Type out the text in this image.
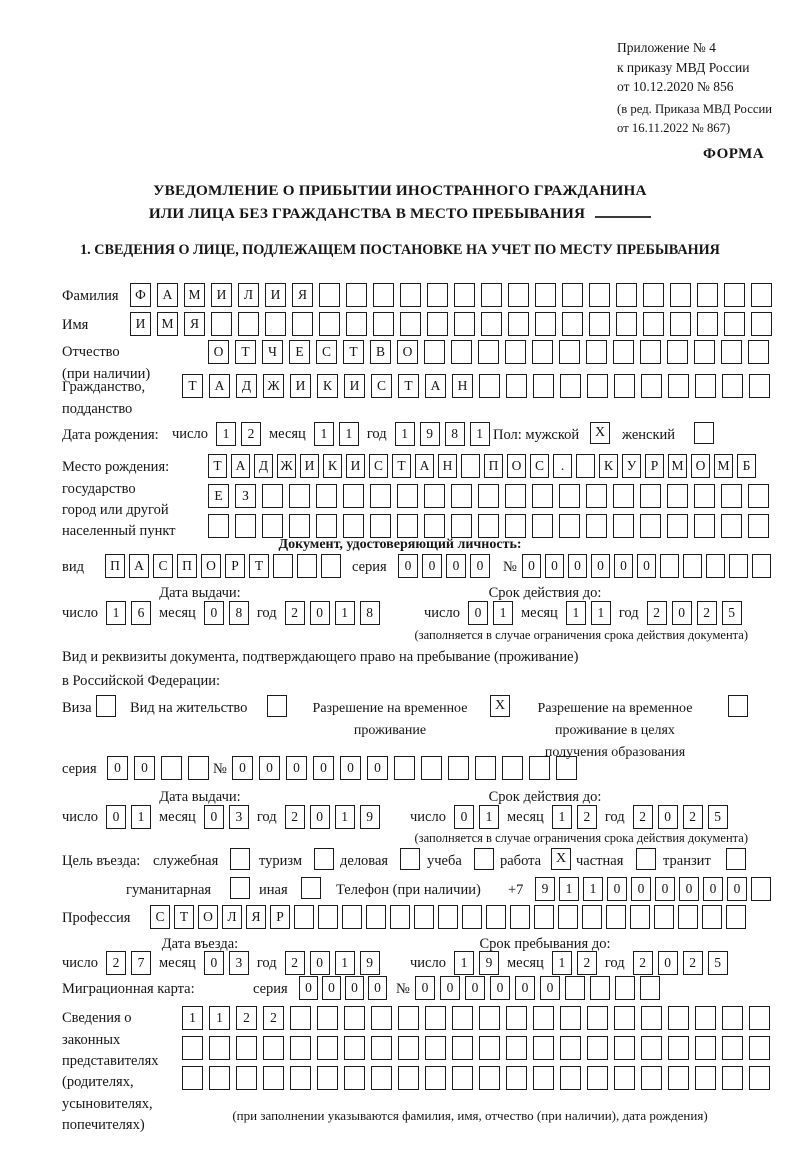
Приложение № 4
к приказу МВД России
от 10.12.2020 № 856
(в ред. Приказа МВД России
от 16.11.2022 № 867)
ФОРМА
УВЕДОМЛЕНИЕ О ПРИБЫТИИ ИНОСТРАННОГО ГРАЖДАНИНА
ИЛИ ЛИЦА БЕЗ ГРАЖДАНСТВА В МЕСТО ПРЕБЫВАНИЯ
1. СВЕДЕНИЯ О ЛИЦЕ, ПОДЛЕЖАЩЕМ ПОСТАНОВКЕ НА УЧЕТ ПО МЕСТУ ПРЕБЫВАНИЯ
Фамилия	Ф	А	М	И	Л	И	Я
Имя	И	М	Я
Отчество
(при наличии)
О	Т	Ч	Е	С	Т	В	О
Гражданство,
подданство
Т	А	Д	Ж	И	К	И	С	Т	А	Н
Дата рождения: число	1	2	месяц	1	1	год	1	9	8	1 Пол: мужской	X	женский
Место рождения:
государство
город или другой
населенный пункт
Т	А	Д Ж И	К	И	С	Т	А Н	П О	С	.	К	У	Р М О М Б
Е	З
Документ, удостоверяющий личность:
вид	П	А	С	П	О	Р	Т	серия	0	0	0	0	№ 0	0	0	0	0	0
Дата выдачи:	Срок действия до:
число	1	6	месяц	0	8	год	2	0	1	8	число	0	1	месяц	1	1	год	2	0	2	5
(заполняется в случае ограничения срока действия документа)
Вид и реквизиты документа, подтверждающего право на пребывание (проживание)
в Российской Федерации:
Виза	Вид на жительство	Разрешение на временное
проживание
X	Разрешение на временное
проживание в целях
получения образования
серия	0	0	№ 0	0	0	0	0	0
Дата выдачи:	Срок действия до:
число	0	1	месяц	0	3	год	2	0	1	9	число	0	1	месяц	1	2	год	2	0	2	5
(заполняется в случае ограничения срока действия документа)
Цель въезда: служебная	туризм	деловая	учеба	работа	X частная	транзит
гуманитарная	иная	Телефон (при наличии) +7	9	1	1	0	0	0	0	0	0
Профессия	С	Т	О	Л	Я	Р
Дата въезда:	Срок пребывания до:
число	2	7	месяц	0	3	год	2	0	1	9	число	1	9	месяц	1	2	год	2	0	2	5
Миграционная карта:	серия	0	0	0	0	№ 0	0	0	0	0	0
Сведения о
законных
представителях
(родителях,
усыновителях,
попечителях)
1	1	2	2
(при заполнении указываются фамилия, имя, отчество (при наличии), дата рождения)
